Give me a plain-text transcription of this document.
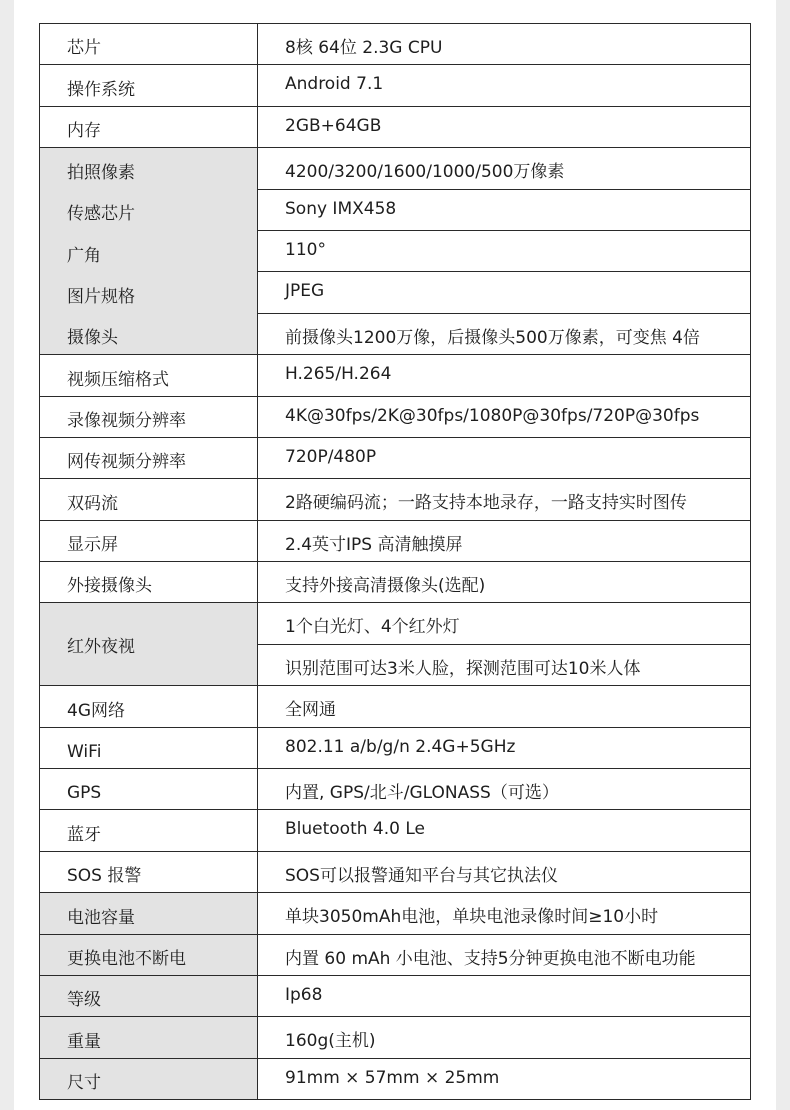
芯片	8核 64位 2.3G CPU
操作系统	Android 7.1
内存	2GB+64GB
拍照像素	4200/3200/1600/1000/500万像素
传感芯片	Sony IMX458
广角	110°
图片规格	JPEG
摄像头	前摄像头1200万像，后摄像头500万像素，可变焦 4倍
视频压缩格式	H.265/H.264
录像视频分辨率	4K@30fps/2K@30fps/1080P@30fps/720P@30fps
网传视频分辨率	720P/480P
双码流	2路硬编码流；一路支持本地录存，一路支持实时图传
显示屏	2.4英寸IPS 高清触摸屏
外接摄像头	支持外接高清摄像头(选配)
红外夜视	1个白光灯、4个红外灯
	识别范围可达3米人脸，探测范围可达10米人体
4G网络	全网通
WiFi	802.11 a/b/g/n 2.4G+5GHz
GPS	内置, GPS/北斗/GLONASS（可选）
蓝牙	Bluetooth 4.0 Le
SOS 报警	SOS可以报警通知平台与其它执法仪
电池容量	单块3050mAh电池，单块电池录像时间≥10小时
更换电池不断电	内置 60 mAh 小电池、支持5分钟更换电池不断电功能
等级	Ip68
重量	160g(主机)
尺寸	91mm × 57mm × 25mm
